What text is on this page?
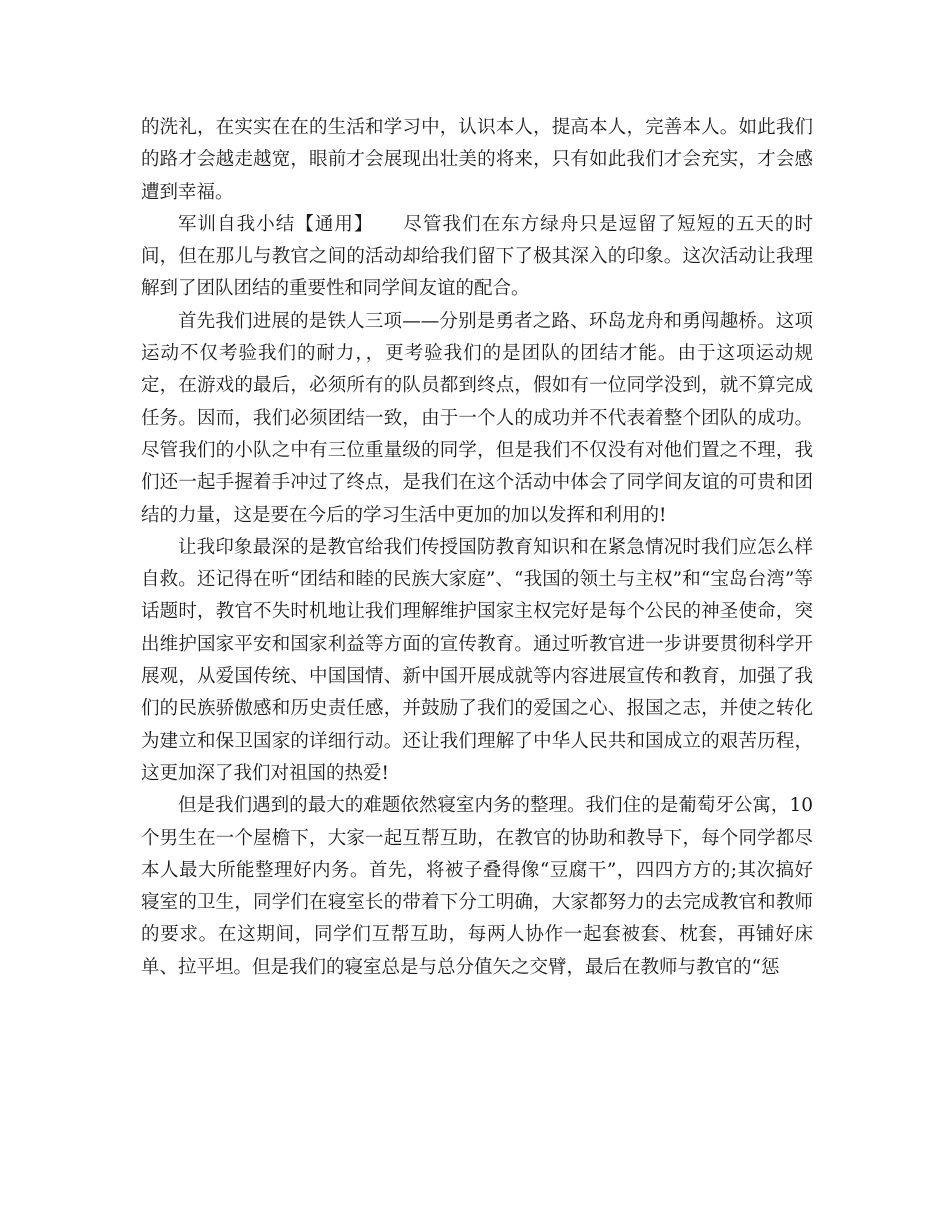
的洗礼，在实实在在的生活和学习中，认识本人，提高本人，完善本人。如此我们的路才会越走越宽，眼前才会展现出壮美的将来，只有如此我们才会充实，才会感遭到幸福。

军训自我小结【通用】　　尽管我们在东方绿舟只是逗留了短短的五天的时间，但在那儿与教官之间的活动却给我们留下了极其深入的印象。这次活动让我理解到了团队团结的重要性和同学间友谊的配合。

首先我们进展的是铁人三项——分别是勇者之路、环岛龙舟和勇闯趣桥。这项运动不仅考验我们的耐力，，更考验我们的是团队的团结才能。由于这项运动规定，在游戏的最后，必须所有的队员都到终点，假如有一位同学没到，就不算完成任务。因而，我们必须团结一致，由于一个人的成功并不代表着整个团队的成功。尽管我们的小队之中有三位重量级的同学，但是我们不仅没有对他们置之不理，我们还一起手握着手冲过了终点，是我们在这个活动中体会了同学间友谊的可贵和团结的力量，这是要在今后的学习生活中更加的加以发挥和利用的!

让我印象最深的是教官给我们传授国防教育知识和在紧急情况时我们应怎么样自救。还记得在听“团结和睦的民族大家庭”、“我国的领土与主权”和“宝岛台湾”等话题时，教官不失时机地让我们理解维护国家主权完好是每个公民的神圣使命，突出维护国家平安和国家利益等方面的宣传教育。通过听教官进一步讲要贯彻科学开展观，从爱国传统、中国国情、新中国开展成就等内容进展宣传和教育，加强了我们的民族骄傲感和历史责任感，并鼓励了我们的爱国之心、报国之志，并使之转化为建立和保卫国家的详细行动。还让我们理解了中华人民共和国成立的艰苦历程，这更加深了我们对祖国的热爱!

但是我们遇到的最大的难题依然寝室内务的整理。我们住的是葡萄牙公寓，10个男生在一个屋檐下，大家一起互帮互助，在教官的协助和教导下，每个同学都尽本人最大所能整理好内务。首先，将被子叠得像“豆腐干”，四四方方的;其次搞好寝室的卫生，同学们在寝室长的带着下分工明确，大家都努力的去完成教官和教师的要求。在这期间，同学们互帮互助，每两人协作一起套被套、枕套，再铺好床单、拉平坦。但是我们的寝室总是与总分值矢之交臂，最后在教师与教官的“惩
